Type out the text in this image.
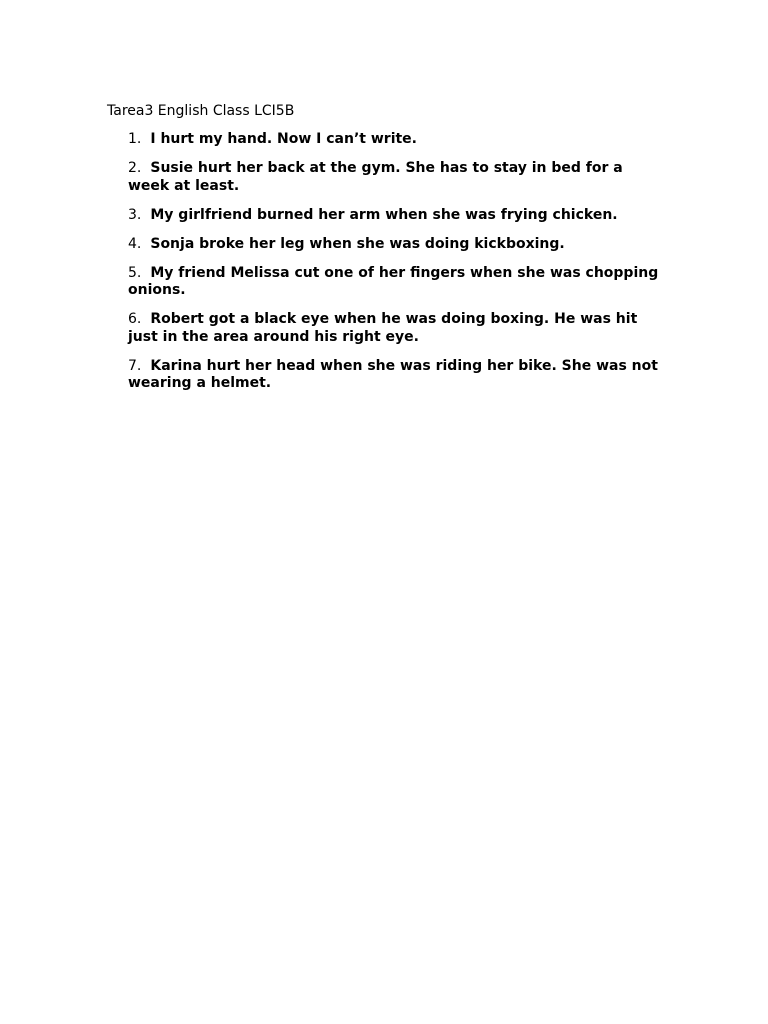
Tarea3 English Class LCI5B

1. I hurt my hand. Now I can’t write.
2. Susie hurt her back at the gym. She has to stay in bed for a week at least.
3. My girlfriend burned her arm when she was frying chicken.
4. Sonja broke her leg when she was doing kickboxing.
5. My friend Melissa cut one of her fingers when she was chopping onions.
6. Robert got a black eye when he was doing boxing. He was hit just in the area around his right eye.
7. Karina hurt her head when she was riding her bike. She was not wearing a helmet.
